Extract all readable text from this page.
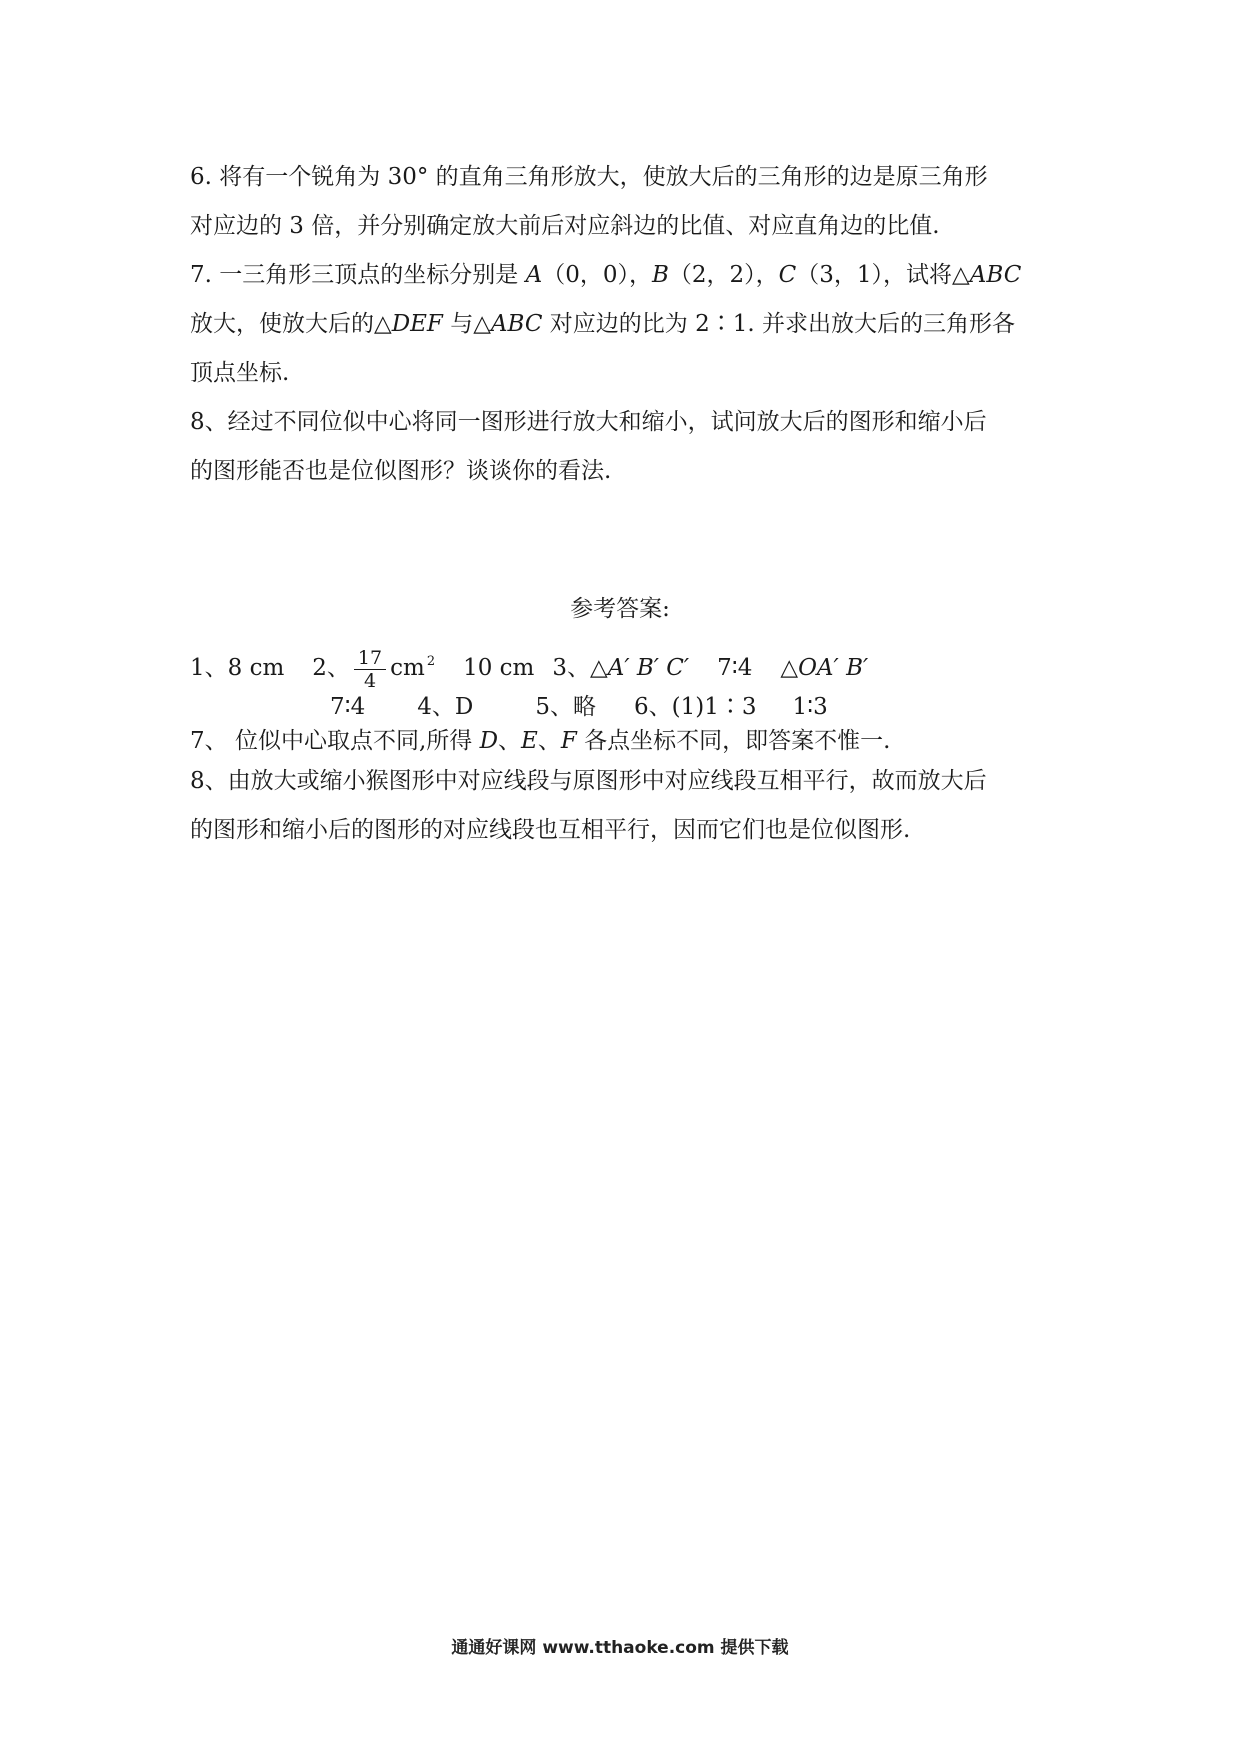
6. 将有一个锐角为 30° 的直角三角形放大，使放大后的三角形的边是原三角形
对应边的 3 倍，并分别确定放大前后对应斜边的比值、对应直角边的比值.
7. 一三角形三顶点的坐标分别是 A（0，0），B（2，2），C（3，1），试将△ABC
放大，使放大后的△DEF 与△ABC 对应边的比为 2∶1. 并求出放大后的三角形各
顶点坐标.
8、经过不同位似中心将同一图形进行放大和缩小，试问放大后的图形和缩小后
的图形能否也是位似图形？谈谈你的看法.
参考答案:
1、8 cm 2、 $\frac{17}{4}$ cm $^2$ 10 cm 3、△A′ B′ C′ 7∶4 △OA′ B′
7∶4 4、D	5、略 6、(1)1∶3 1∶3
7、 位似中心取点不同,所得 D、E、F 各点坐标不同，即答案不惟一.
8、由放大或缩小猴图形中对应线段与原图形中对应线段互相平行，故而放大后
的图形和缩小后的图形的对应线段也互相平行，因而它们也是位似图形.
通通好课网 www.tthaoke.com 提供下载
